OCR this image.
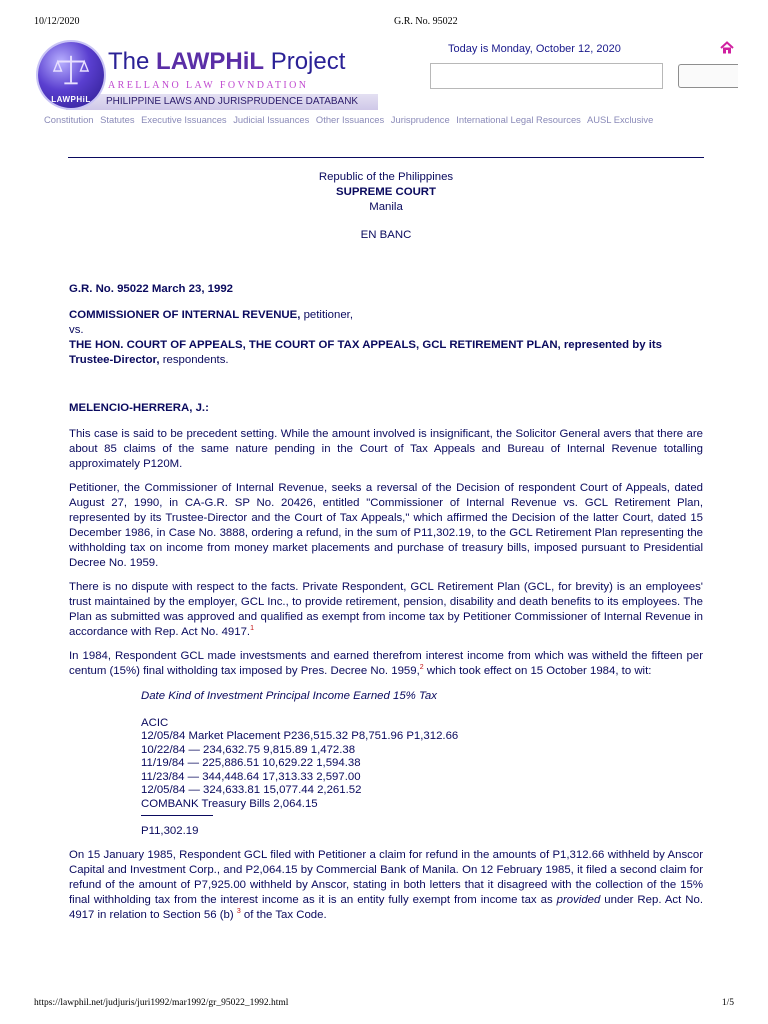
10/12/2020	G.R. No. 95022
PHILIPPINE LAWS AND JURISPRUDENCE DATABANK
LAWPHiL
The LAWPHiL Project
ARELLANO LAW FOVNDATION
Today is Monday, October 12, 2020
Constitution Statutes Executive Issuances Judicial Issuances Other Issuances Jurisprudence International Legal Resources AUSL Exclusive
Republic of the Philippines
SUPREME COURT
Manila
EN BANC
G.R. No. 95022 March 23, 1992
COMMISSIONER OF INTERNAL REVENUE, petitioner,
vs.
THE HON. COURT OF APPEALS, THE COURT OF TAX APPEALS, GCL RETIREMENT PLAN, represented by its Trustee-Director, respondents.
MELENCIO-HERRERA, J.:

This case is said to be precedent setting. While the amount involved is insignificant, the Solicitor General avers that there are about 85 claims of the same nature pending in the Court of Tax Appeals and Bureau of Internal Revenue totalling approximately P120M.

Petitioner, the Commissioner of Internal Revenue, seeks a reversal of the Decision of respondent Court of Appeals, dated August 27, 1990, in CA-G.R. SP No. 20426, entitled "Commissioner of Internal Revenue vs. GCL Retirement Plan, represented by its Trustee-Director and the Court of Tax Appeals," which affirmed the Decision of the latter Court, dated 15 December 1986, in Case No. 3888, ordering a refund, in the sum of P11,302.19, to the GCL Retirement Plan representing the withholding tax on income from money market placements and purchase of treasury bills, imposed pursuant to Presidential Decree No. 1959.

There is no dispute with respect to the facts. Private Respondent, GCL Retirement Plan (GCL, for brevity) is an employees' trust maintained by the employer, GCL Inc., to provide retirement, pension, disability and death benefits to its employees. The Plan as submitted was approved and qualified as exempt from income tax by Petitioner Commissioner of Internal Revenue in accordance with Rep. Act No. 4917.$^1$

In 1984, Respondent GCL made investsments and earned therefrom interest income from which was witheld the fifteen per centum (15%) final witholding tax imposed by Pres. Decree No. 1959,$^2$ which took effect on 15 October 1984, to wit:

Date Kind of Investment Principal Income Earned 15% Tax
ACIC
12/05/84 Market Placement P236,515.32 P8,751.96 P1,312.66
10/22/84 — 234,632.75 9,815.89 1,472.38
11/19/84 — 225,886.51 10,629.22 1,594.38
11/23/84 — 344,448.64 17,313.33 2,597.00
12/05/84 — 324,633.81 15,077.44 2,261.52
COMBANK Treasury Bills 2,064.15
P11,302.19

On 15 January 1985, Respondent GCL filed with Petitioner a claim for refund in the amounts of P1,312.66 withheld by Anscor Capital and Investment Corp., and P2,064.15 by Commercial Bank of Manila. On 12 February 1985, it filed a second claim for refund of the amount of P7,925.00 withheld by Anscor, stating in both letters that it disagreed with the collection of the 15% final withholding tax from the interest income as it is an entity fully exempt from income tax as provided under Rep. Act No. 4917 in relation to Section 56 (b) $^3$ of the Tax Code.

https://lawphil.net/judjuris/juri1992/mar1992/gr_95022_1992.html	1/5
